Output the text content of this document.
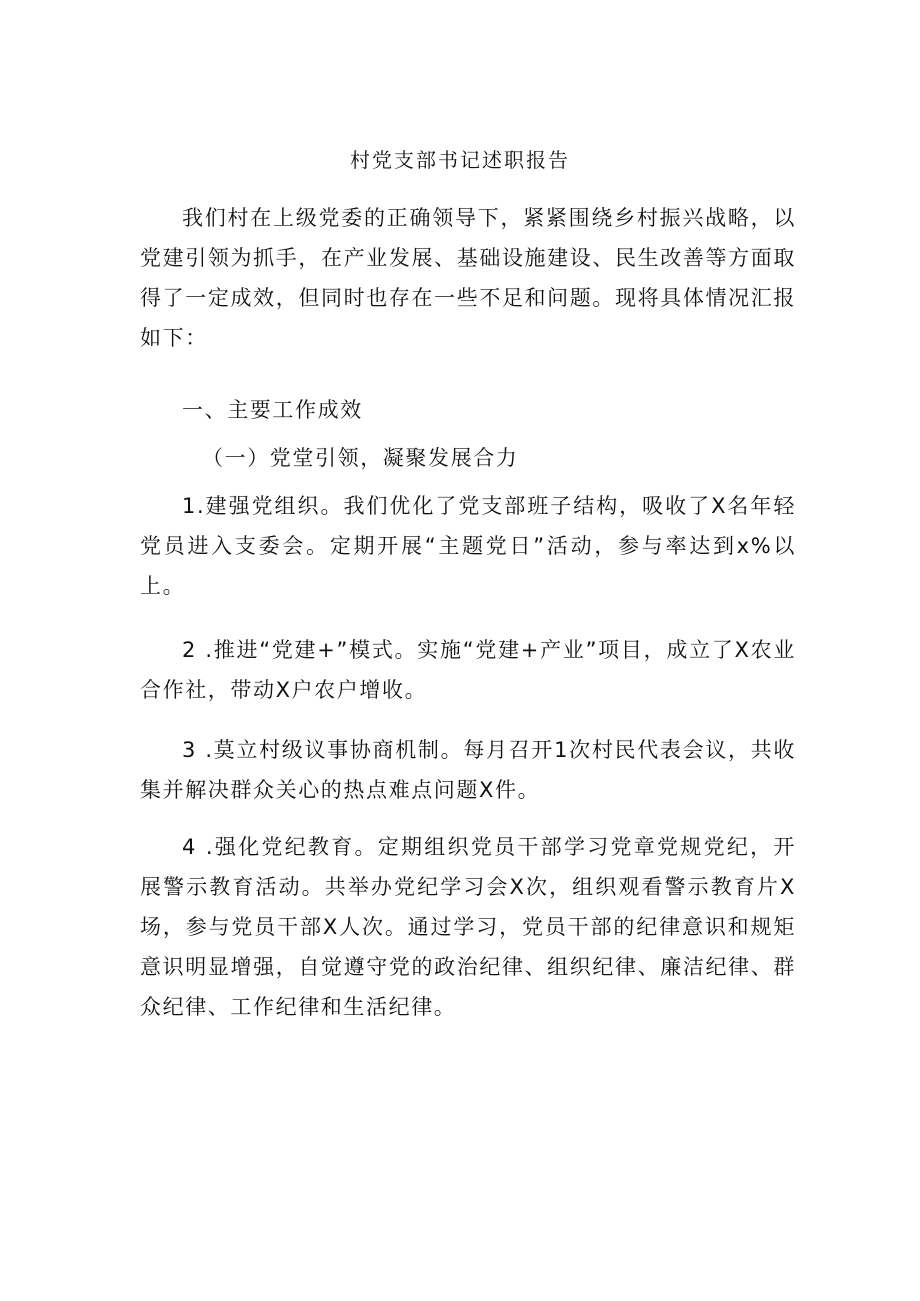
村党支部书记述职报告

我们村在上级党委的正确领导下，紧紧围绕乡村振兴战略，以党建引领为抓手，在产业发展、基础设施建设、民生改善等方面取得了一定成效，但同时也存在一些不足和问题。现将具体情况汇报如下：

一、主要工作成效

（一）党堂引领，凝聚发展合力

1.建强党组织。我们优化了党支部班子结构，吸收了X名年轻党员进入支委会。定期开展“主题党日”活动，参与率达到x%以上。

2 .推进“党建+”模式。实施“党建+产业”项目，成立了X农业合作社，带动X户农户增收。

3 .莫立村级议事协商机制。每月召开1次村民代表会议，共收集并解决群众关心的热点难点问题X件。

4 .强化党纪教育。定期组织党员干部学习党章党规党纪，开展警示教育活动。共举办党纪学习会X次，组织观看警示教育片X场，参与党员干部X人次。通过学习，党员干部的纪律意识和规矩意识明显增强，自觉遵守党的政治纪律、组织纪律、廉洁纪律、群众纪律、工作纪律和生活纪律。
